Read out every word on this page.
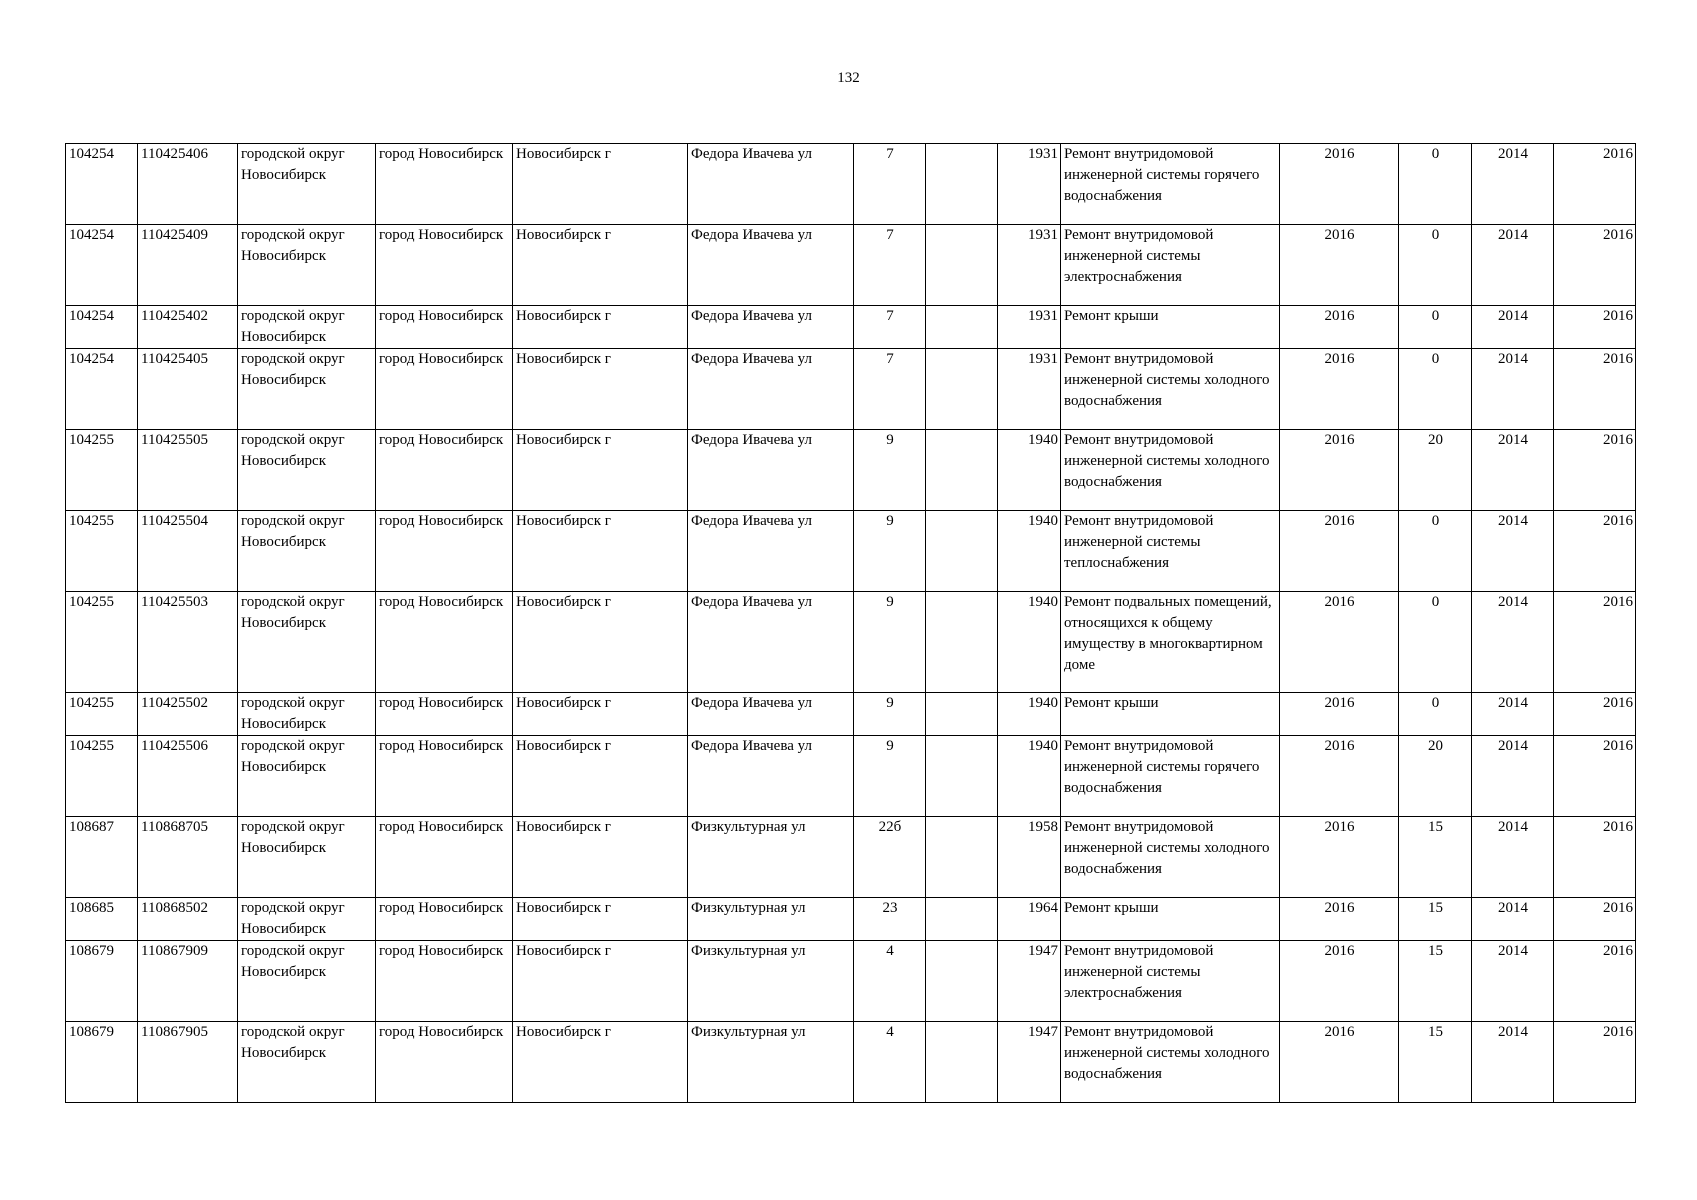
132
104254	110425406	городской округ Новосибирск	город Новосибирск	Новосибирск г	Федора Ивачева ул	7		1931	Ремонт внутридомовой инженерной системы горячего водоснабжения	2016	0	2014	2016
104254	110425409	городской округ Новосибирск	город Новосибирск	Новосибирск г	Федора Ивачева ул	7		1931	Ремонт внутридомовой инженерной системы электроснабжения	2016	0	2014	2016
104254	110425402	городской округ Новосибирск	город Новосибирск	Новосибирск г	Федора Ивачева ул	7		1931	Ремонт крыши	2016	0	2014	2016
104254	110425405	городской округ Новосибирск	город Новосибирск	Новосибирск г	Федора Ивачева ул	7		1931	Ремонт внутридомовой инженерной системы холодного водоснабжения	2016	0	2014	2016
104255	110425505	городской округ Новосибирск	город Новосибирск	Новосибирск г	Федора Ивачева ул	9		1940	Ремонт внутридомовой инженерной системы холодного водоснабжения	2016	20	2014	2016
104255	110425504	городской округ Новосибирск	город Новосибирск	Новосибирск г	Федора Ивачева ул	9		1940	Ремонт внутридомовой инженерной системы теплоснабжения	2016	0	2014	2016
104255	110425503	городской округ Новосибирск	город Новосибирск	Новосибирск г	Федора Ивачева ул	9		1940	Ремонт подвальных помещений, относящихся к общему имуществу в многоквартирном доме	2016	0	2014	2016
104255	110425502	городской округ Новосибирск	город Новосибирск	Новосибирск г	Федора Ивачева ул	9		1940	Ремонт крыши	2016	0	2014	2016
104255	110425506	городской округ Новосибирск	город Новосибирск	Новосибирск г	Федора Ивачева ул	9		1940	Ремонт внутридомовой инженерной системы горячего водоснабжения	2016	20	2014	2016
108687	110868705	городской округ Новосибирск	город Новосибирск	Новосибирск г	Физкультурная ул	22б		1958	Ремонт внутридомовой инженерной системы холодного водоснабжения	2016	15	2014	2016
108685	110868502	городской округ Новосибирск	город Новосибирск	Новосибирск г	Физкультурная ул	23		1964	Ремонт крыши	2016	15	2014	2016
108679	110867909	городской округ Новосибирск	город Новосибирск	Новосибирск г	Физкультурная ул	4		1947	Ремонт внутридомовой инженерной системы электроснабжения	2016	15	2014	2016
108679	110867905	городской округ Новосибирск	город Новосибирск	Новосибирск г	Физкультурная ул	4		1947	Ремонт внутридомовой инженерной системы холодного водоснабжения	2016	15	2014	2016
